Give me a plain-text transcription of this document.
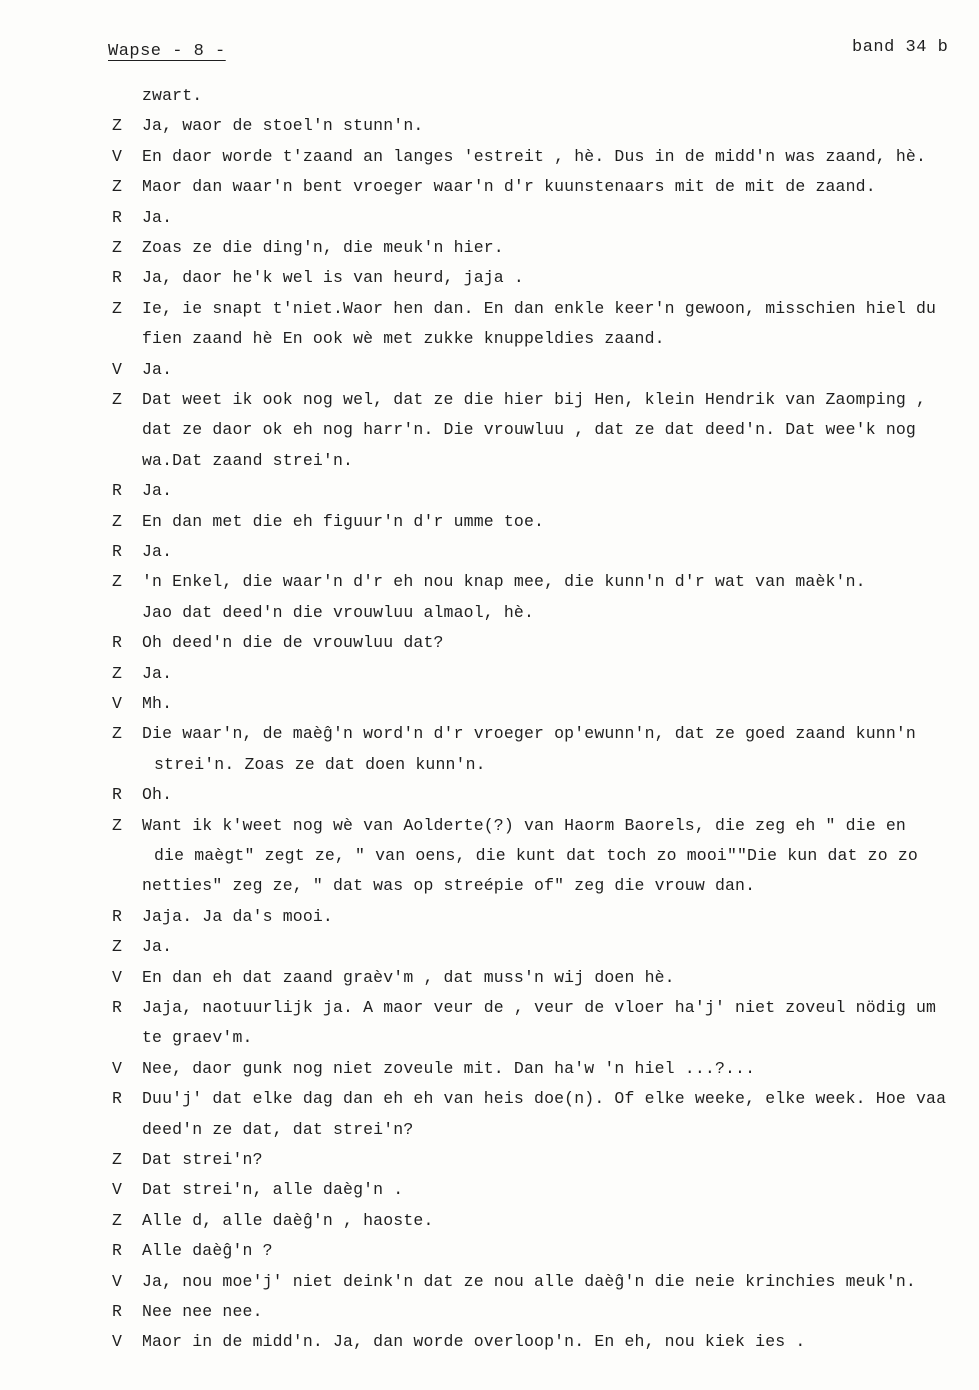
Wapse - 8 -	band 34 b
zwart.
Z	Ja, waor de stoel'n stunn'n.
V	En daor worde t'zaand an langes 'estreit , hè. Dus in de midd'n was zaand, hè.
Z	Maor dan waar'n bent vroeger waar'n d'r kuunstenaars mit de mit de zaand.
R	Ja.
Z	Zoas ze die ding'n, die meuk'n hier.
R	Ja, daor he'k wel is van heurd, jaja .
Z	Ie, ie snapt t'niet.Waor hen dan. En dan enkle keer'n gewoon, misschien hiel du
fien zaand hè En ook wè met zukke knuppeldies zaand.
V	Ja.
Z	Dat weet ik ook nog wel, dat ze die hier bij Hen, klein Hendrik van Zaomping ,
dat ze daor ok eh nog harr'n. Die vrouwluu , dat ze dat deed'n. Dat wee'k nog
wa.Dat zaand strei'n.
R	Ja.
Z	En dan met die eh figuur'n d'r umme toe.
R	Ja.
Z	'n Enkel, die waar'n d'r eh nou knap mee, die kunn'n d'r wat van maèk'n.
Jao dat deed'n die vrouwluu almaol, hè.
R	Oh deed'n die de vrouwluu dat?
Z	Ja.
V	Mh.
Z	Die waar'n, de maèĝ'n word'n d'r vroeger op'ewunn'n, dat ze goed zaand kunn'n
strei'n. Zoas ze dat doen kunn'n.
R	Oh.
Z	Want ik k'weet nog wè van Aolderte(?) van Haorm Baorels, die zeg eh " die en
die maègt" zegt ze, " van oens, die kunt dat toch zo mooi""Die kun dat zo zo
netties" zeg ze, " dat was op streépie of" zeg die vrouw dan.
R	Jaja. Ja da's mooi.
Z	Ja.
V	En dan eh dat zaand graèv'm , dat muss'n wij doen hè.
R	Jaja, naotuurlijk ja. A maor veur de , veur de vloer ha'j' niet zoveul nödig um
te graev'm.
V	Nee, daor gunk nog niet zoveule mit. Dan ha'w 'n hiel ...?...
R	Duu'j' dat elke dag dan eh eh van heis doe(n). Of elke weeke, elke week. Hoe vaa
deed'n ze dat, dat strei'n?
Z	Dat strei'n?
V	Dat strei'n, alle daèg'n .
Z	Alle d, alle daèĝ'n , haoste.
R	Alle daèĝ'n ?
V	Ja, nou moe'j' niet deink'n dat ze nou alle daèĝ'n die neie krinchies meuk'n.
R	Nee nee nee.
V	Maor in de midd'n. Ja, dan worde overloop'n. En eh, nou kiek ies .
